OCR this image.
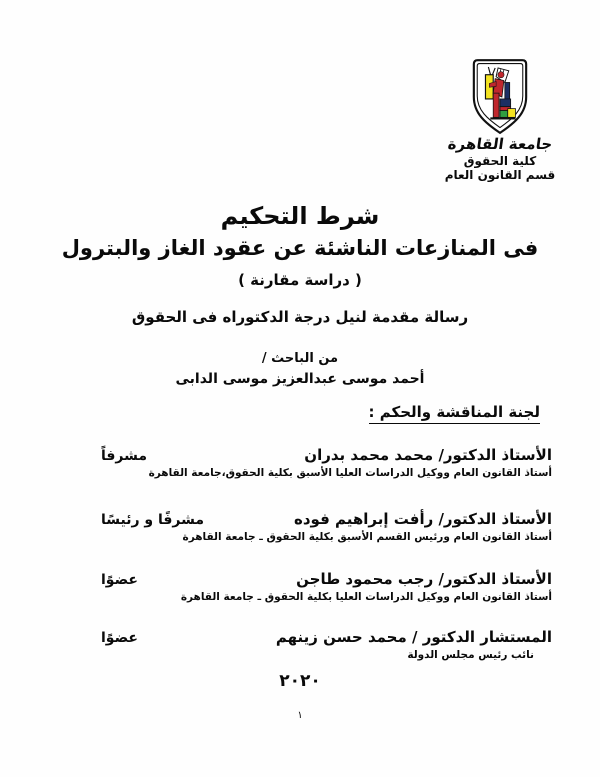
جامعة القاهرة
كلية الحقوق
قسم القانون العام
شرط التحكيم
فى المنازعات الناشئة عن عقود الغاز والبترول
( دراسة مقارنة )
رسالة مقدمة لنيل درجة الدكتوراه فى الحقوق
من الباحث /
أحمد موسى عبدالعزيز موسى الدابى
لجنة المناقشة والحكم :
الأستاذ الدكتور/ محمد محمد بدران
مشرفاً
أستاذ القانون العام ووكيل الدراسات العليا الأسبق بكلية الحقوق،جامعة القاهرة
الأستاذ الدكتور/ رأفت إبراهيم فوده
مشرفًا و رئيسًا
أستاذ القانون العام ورئيس القسم الأسبق بكلية الحقوق ـ جامعة القاهرة
الأستاذ الدكتور/ رجب محمود طاجن
عضوًا
أستاذ القانون العام ووكيل الدراسات العليا بكلية الحقوق ـ جامعة القاهرة
المستشار الدكتور / محمد حسن زينهم
عضوًا
نائب رئيس مجلس الدولة
٢٠٢٠
١
